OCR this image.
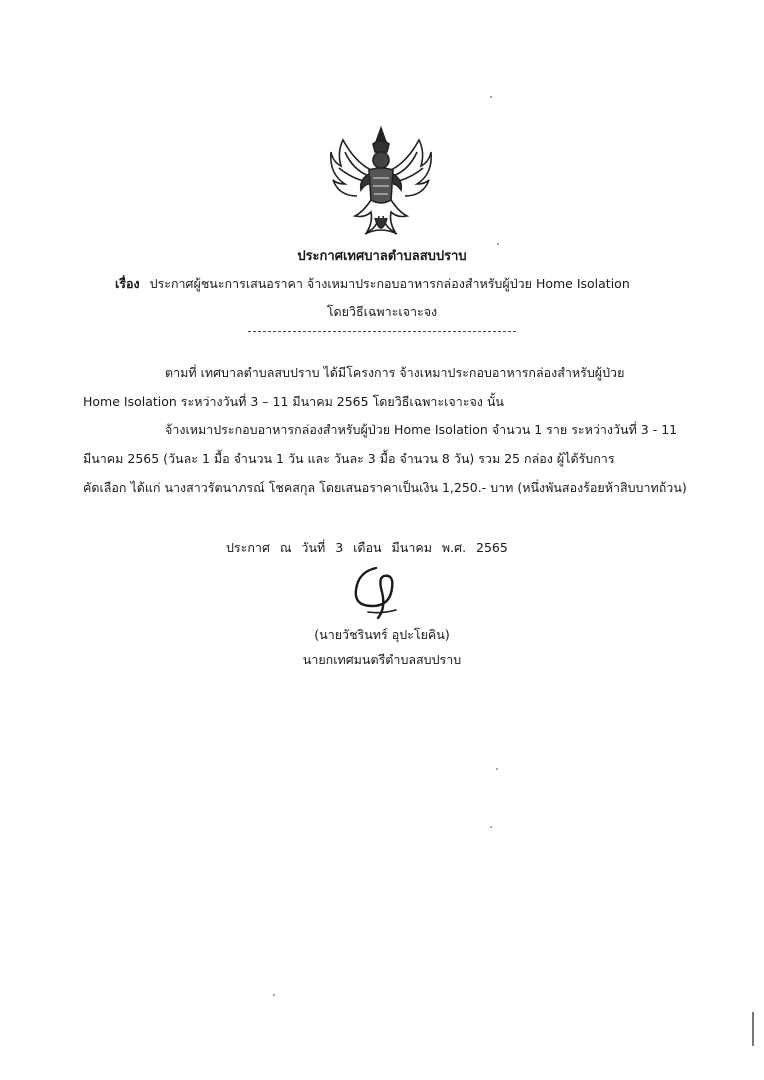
ประกาศเทศบาลตำบลสบปราบ
เรื่อง ประกาศผู้ชนะการเสนอราคา จ้างเหมาประกอบอาหารกล่องสำหรับผู้ป่วย Home Isolation
โดยวิธีเฉพาะเจาะจง
ตามที่ เทศบาลตำบลสบปราบ ได้มีโครงการ จ้างเหมาประกอบอาหารกล่องสำหรับผู้ป่วย
Home Isolation ระหว่างวันที่ 3 – 11 มีนาคม 2565 โดยวิธีเฉพาะเจาะจง นั้น
จ้างเหมาประกอบอาหารกล่องสำหรับผู้ป่วย Home Isolation จำนวน 1 ราย ระหว่างวันที่ 3 - 11
มีนาคม 2565 (วันละ 1 มื้อ จำนวน 1 วัน และ วันละ 3 มื้อ จำนวน 8 วัน) รวม 25 กล่อง ผู้ได้รับการ
คัดเลือก ได้แก่ นางสาวรัตนาภรณ์ โชคสกุล โดยเสนอราคาเป็นเงิน 1,250.- บาท (หนึ่งพันสองร้อยห้าสิบบาทถ้วน)
ประกาศ ณ วันที่ 3 เดือน มีนาคม พ.ศ. 2565
(นายวัชรินทร์ อุปะโยคิน)
นายกเทศมนตรีตำบลสบปราบ
